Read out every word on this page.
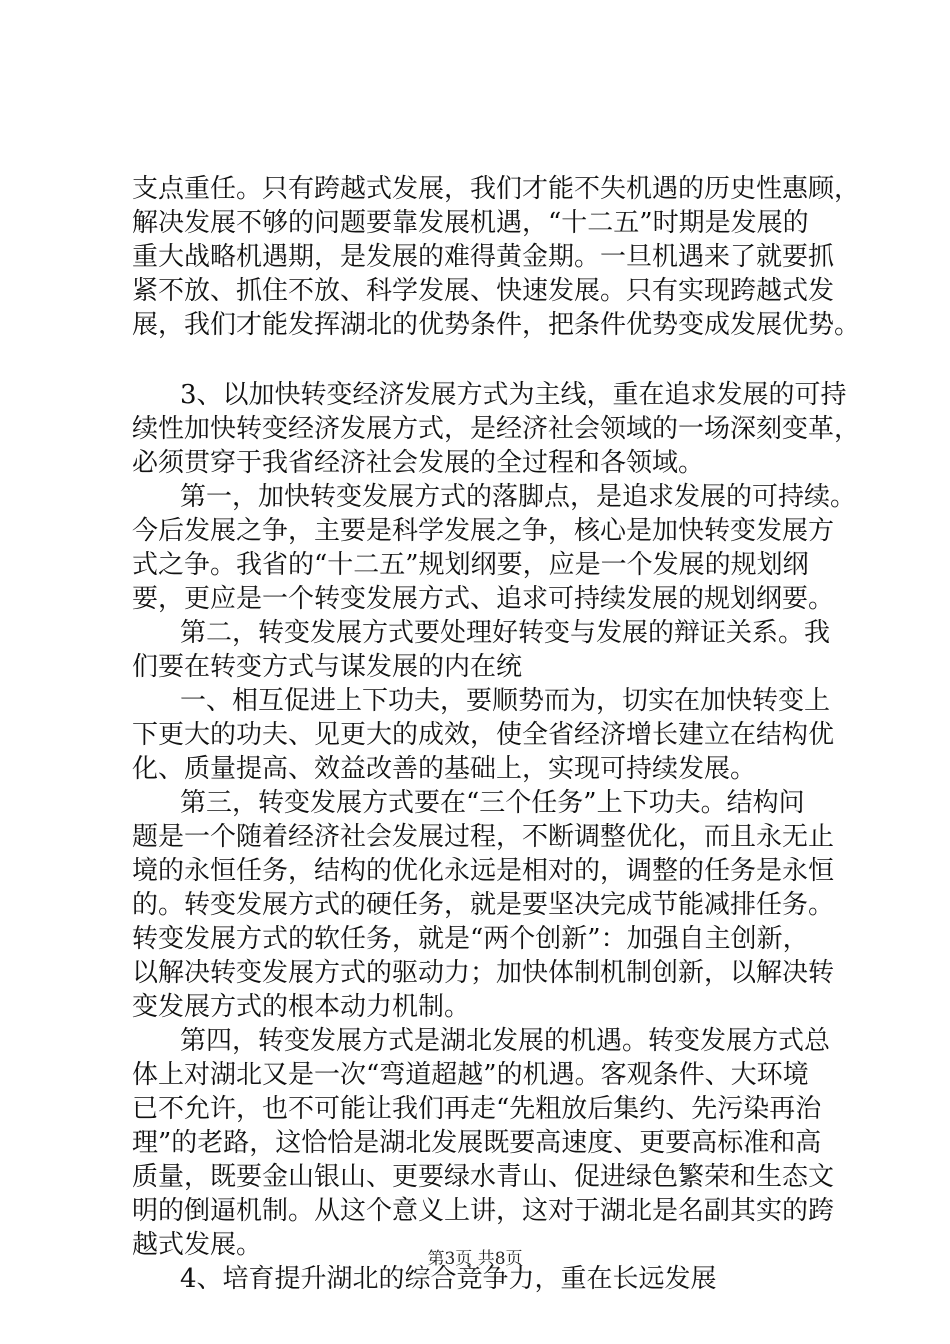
支点重任。只有跨越式发展，我们才能不失机遇的历史性惠顾，
解决发展不够的问题要靠发展机遇，“十二五”时期是发展的
重大战略机遇期，是发展的难得黄金期。一旦机遇来了就要抓
紧不放、抓住不放、科学发展、快速发展。只有实现跨越式发
展，我们才能发挥湖北的优势条件，把条件优势变成发展优势。
3、以加快转变经济发展方式为主线，重在追求发展的可持
续性加快转变经济发展方式，是经济社会领域的一场深刻变革，
必须贯穿于我省经济社会发展的全过程和各领域。
第一，加快转变发展方式的落脚点，是追求发展的可持续。
今后发展之争，主要是科学发展之争，核心是加快转变发展方
式之争。我省的“十二五”规划纲要，应是一个发展的规划纲
要，更应是一个转变发展方式、追求可持续发展的规划纲要。
第二，转变发展方式要处理好转变与发展的辩证关系。我
们要在转变方式与谋发展的内在统
一、相互促进上下功夫，要顺势而为，切实在加快转变上
下更大的功夫、见更大的成效，使全省经济增长建立在结构优
化、质量提高、效益改善的基础上，实现可持续发展。
第三，转变发展方式要在“三个任务”上下功夫。结构问
题是一个随着经济社会发展过程，不断调整优化，而且永无止
境的永恒任务，结构的优化永远是相对的，调整的任务是永恒
的。转变发展方式的硬任务，就是要坚决完成节能减排任务。
转变发展方式的软任务，就是“两个创新”：加强自主创新，
以解决转变发展方式的驱动力；加快体制机制创新，以解决转
变发展方式的根本动力机制。
第四，转变发展方式是湖北发展的机遇。转变发展方式总
体上对湖北又是一次“弯道超越”的机遇。客观条件、大环境
已不允许，也不可能让我们再走“先粗放后集约、先污染再治
理”的老路，这恰恰是湖北发展既要高速度、更要高标准和高
质量，既要金山银山、更要绿水青山、促进绿色繁荣和生态文
明的倒逼机制。从这个意义上讲，这对于湖北是名副其实的跨
越式发展。
4、培育提升湖北的综合竞争力，重在长远发展
第3页 共8页
